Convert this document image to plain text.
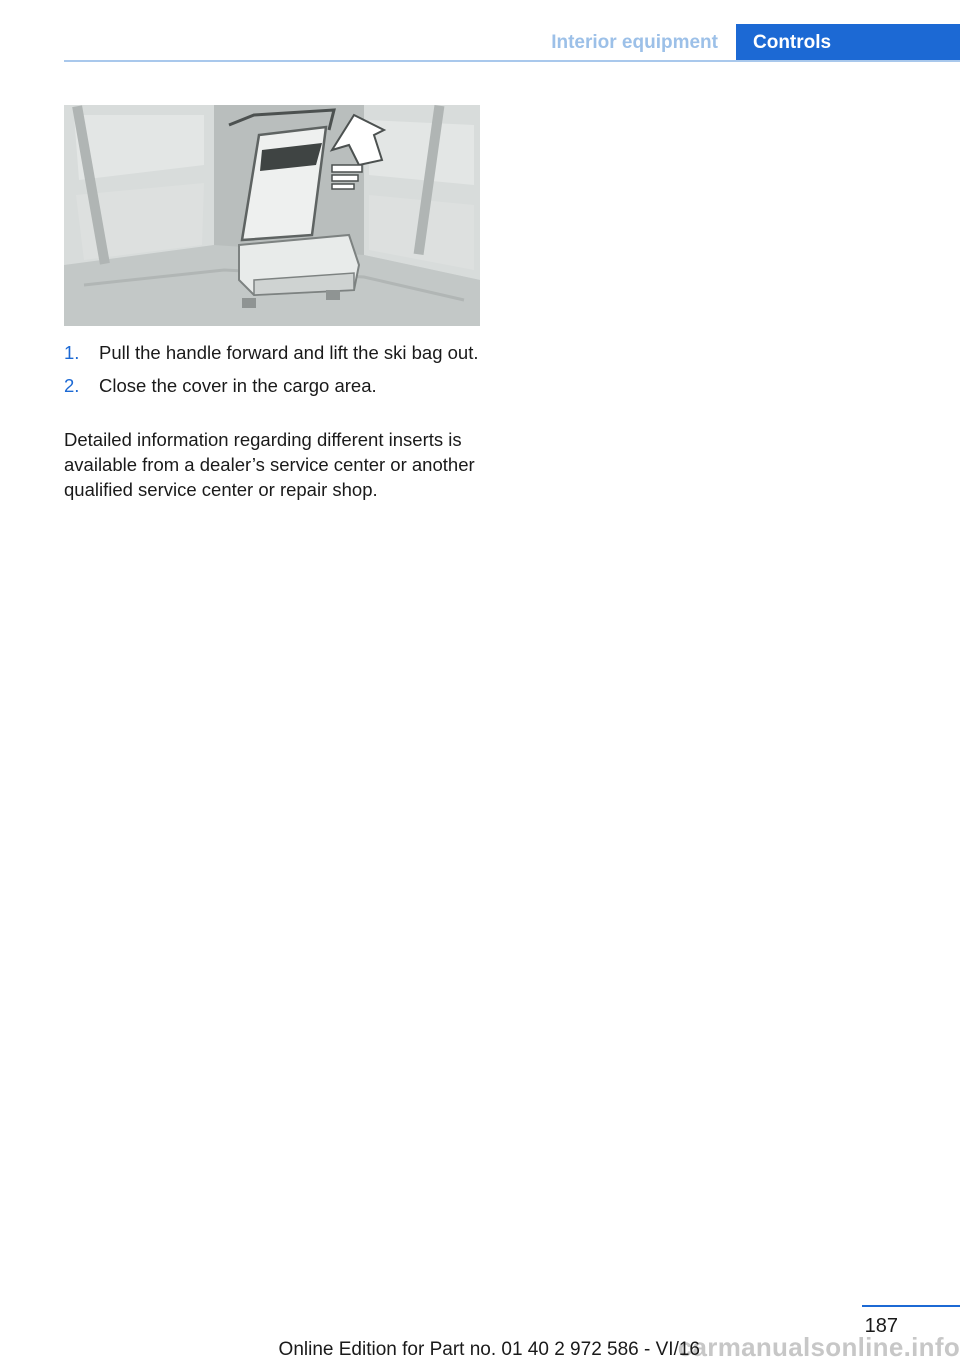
Interior equipment	Controls
1. Pull the handle forward and lift the ski bag out.
2. Close the cover in the cargo area.

Detailed information regarding different inserts is available from a dealer’s service center or another qualified service center or repair shop.

187
carmanualsonline.info
Online Edition for Part no. 01 40 2 972 586 - VI/16
